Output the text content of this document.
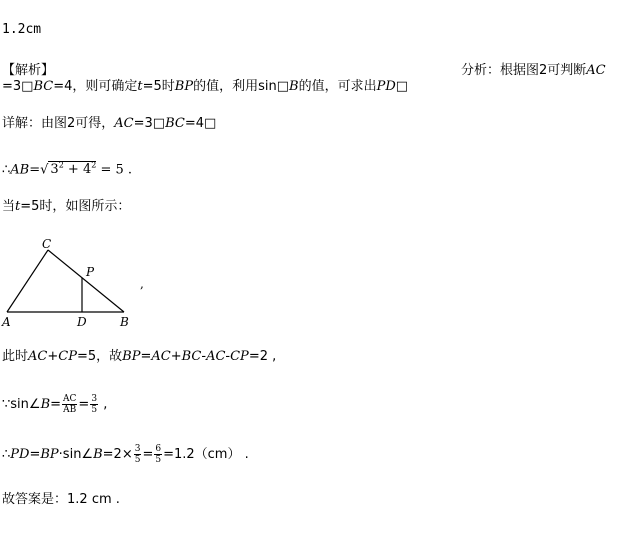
1.2cm
【解析】	分析：根据图2可判断AC
=3□BC=4，则可确定t=5时BP的值，利用sin□B的值，可求出PD□
详解：由图2可得，AC=3□BC=4□
∴AB=√ $3^2 + 4^2 = 5$ .
当t=5时，如图所示：
C
P
A	D	B
,
此时AC+CP=5，故BP=AC+BC-AC-CP=2 ,
∵sin∠B= $\frac{AC}{AB} = \frac{3}{5}$ ,
∴PD=BP·sin∠B=2× $\frac{3}{5} = \frac{6}{5} =1.2(cm)$ .
故答案是：1.2 cm .
